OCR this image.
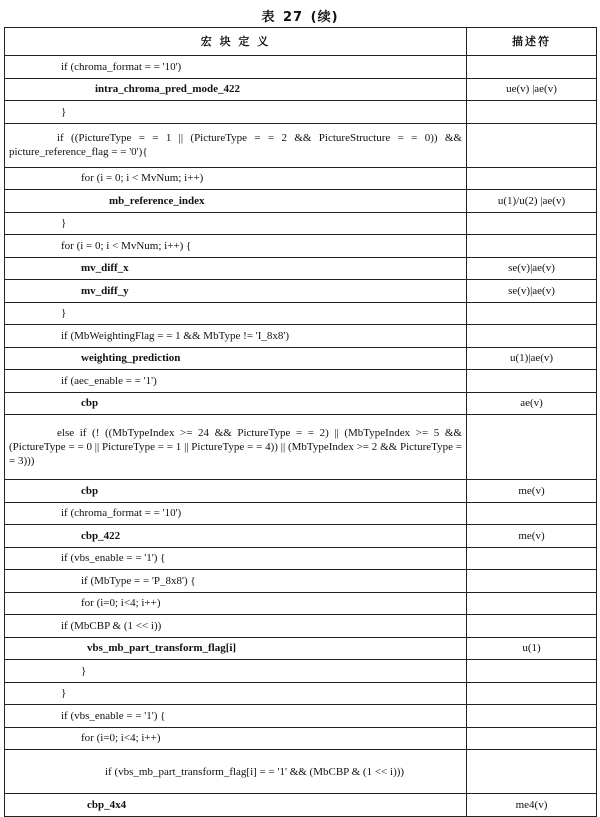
表 27 (续)
宏 块 定 义	描述符
if (chroma_format = = '10')	
intra_chroma_pred_mode_422	ue(v) |ae(v)
}	
if ((PictureType = = 1 || (PictureType = = 2 && PictureStructure = = 0)) && picture_reference_flag = = '0'){	
for (i = 0; i < MvNum; i++)	
mb_reference_index	u(1)/u(2) |ae(v)
}	
for (i = 0; i < MvNum; i++) {	
mv_diff_x	se(v)|ae(v)
mv_diff_y	se(v)|ae(v)
}	
if (MbWeightingFlag = = 1 && MbType != 'I_8x8')	
weighting_prediction	u(1)|ae(v)
if (aec_enable = = '1')	
cbp	ae(v)
else if (! ((MbTypeIndex >= 24 && PictureType = = 2) || (MbTypeIndex >= 5 && (PictureType = = 0 || PictureType = = 1 || PictureType = = 4)) || (MbTypeIndex >= 2 && PictureType = = 3)))	
cbp	me(v)
if (chroma_format = = '10')	
cbp_422	me(v)
if (vbs_enable = = '1') {	
if (MbType = = 'P_8x8') {	
for (i=0; i<4; i++)	
if (MbCBP & (1 << i))	
vbs_mb_part_transform_flag[i]	u(1)
}	
}	
if (vbs_enable = = '1') {	
for (i=0; i<4; i++)	
if (vbs_mb_part_transform_flag[i] = = '1' && (MbCBP & (1 << i)))	
cbp_4x4	me4(v)
